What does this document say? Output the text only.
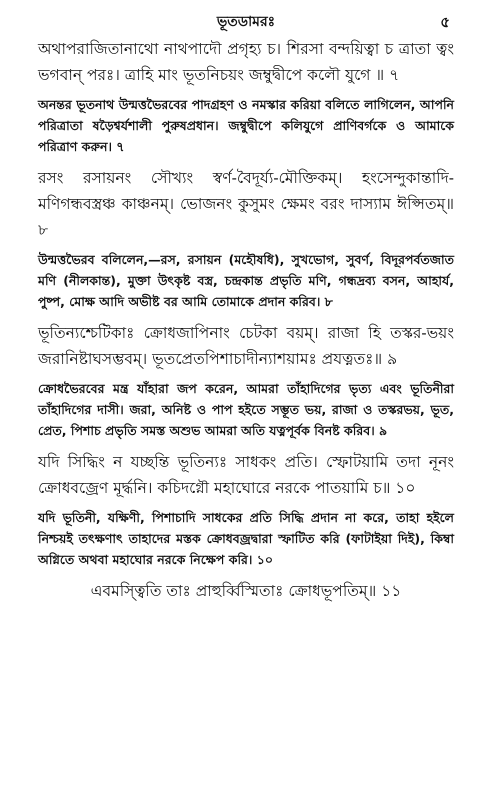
ভূতডামরঃ	৫

অথাপরাজিতানাথো নাথপাদৌ প্রগৃহ্য চ। শিরসা বন্দয়িত্বা চ ত্রাতা ত্বং ভগবান্‌ পরঃ। ত্রাহি মাং ভূতনিচয়ং জম্বুদ্বীপে কলৌ যুগে ॥ ৭

অনন্তর ভূতনাথ উন্মত্তভৈরবের পাদগ্রহণ ও নমস্কার করিয়া বলিতে লাগিলেন, আপনি পরিত্রাতা ষড়ৈশ্বর্যশালী পুরুষপ্রধান। জম্বুদ্বীপে কলিযুগে প্রাণিবর্গকে ও আমাকে পরিত্রাণ করুন। ৭

রসং রসায়নং সৌখ্যং স্বর্ণ-বৈদূর্য্য-মৌক্তিকম্‌। হংসেন্দুকান্তাদি-মণিগন্ধবস্ত্রঞ্চ কাঞ্চনম্‌। ভোজনং কুসুমং ক্ষেমং বরং দাস্যাম ঈপ্সিতম্‌॥ ৮

উন্মত্তভৈরব বলিলেন,—রস, রসায়ন (মহৌষধি), সুখভোগ, সুবর্ণ, বিদূরপর্বতজাত মণি (নীলকান্ত), মুক্তা উৎকৃষ্ট বস্ত্র, চন্দ্রকান্ত প্রভৃতি মণি, গন্ধদ্রব্য বসন, আহার্য, পুষ্প, মোক্ষ আদি অভীষ্ট বর আমি তোমাকে প্রদান করিব। ৮

ভূতিন্যশ্চেটিকাঃ ক্রোধজাপিনাং চেটকা বয়ম্‌। রাজা হি তস্কর-ভয়ং জরানিষ্টাঘসম্ভবম্‌। ভূতপ্রেতপিশাচাদীন্যাশয়ামঃ প্রযত্নতঃ॥ ৯

ক্রোধভৈরবের মন্ত্র যাঁহারা জপ করেন, আমরা তাঁহাদিগের ভৃত্য এবং ভূতিনীরা তাঁহাদিগের দাসী। জরা, অনিষ্ট ও পাপ হইতে সম্ভূত ভয়, রাজা ও তস্করভয়, ভূত, প্রেত, পিশাচ প্রভৃতি সমস্ত অশুভ আমরা অতি যত্নপূর্বক বিনষ্ট করিব। ৯

যদি সিদ্ধিং ন যচ্ছন্তি ভূতিন্যঃ সাধকং প্রতি। স্ফোটয়ামি তদা নূনং ক্রোধবজ্রেণ মূর্দ্ধনি। কচিদগ্নৌ মহাঘোরে নরকে পাতয়ামি চ॥ ১০

যদি ভূতিনী, যক্ষিণী, পিশাচাদি সাধকের প্রতি সিদ্ধি প্রদান না করে, তাহা হইলে নিশ্চয়ই তৎক্ষণাৎ তাহাদের মস্তক ক্রোধবজ্রদ্বারা স্ফাটিত করি (ফাটাইয়া দিই), কিম্বা অগ্নিতে অথবা মহাঘোর নরকে নিক্ষেপ করি। ১০

এবমস্ত্বিতি তাঃ প্রাহুর্ব্বিস্মিতাঃ ক্রোধভূপতিম্‌॥ ১১
